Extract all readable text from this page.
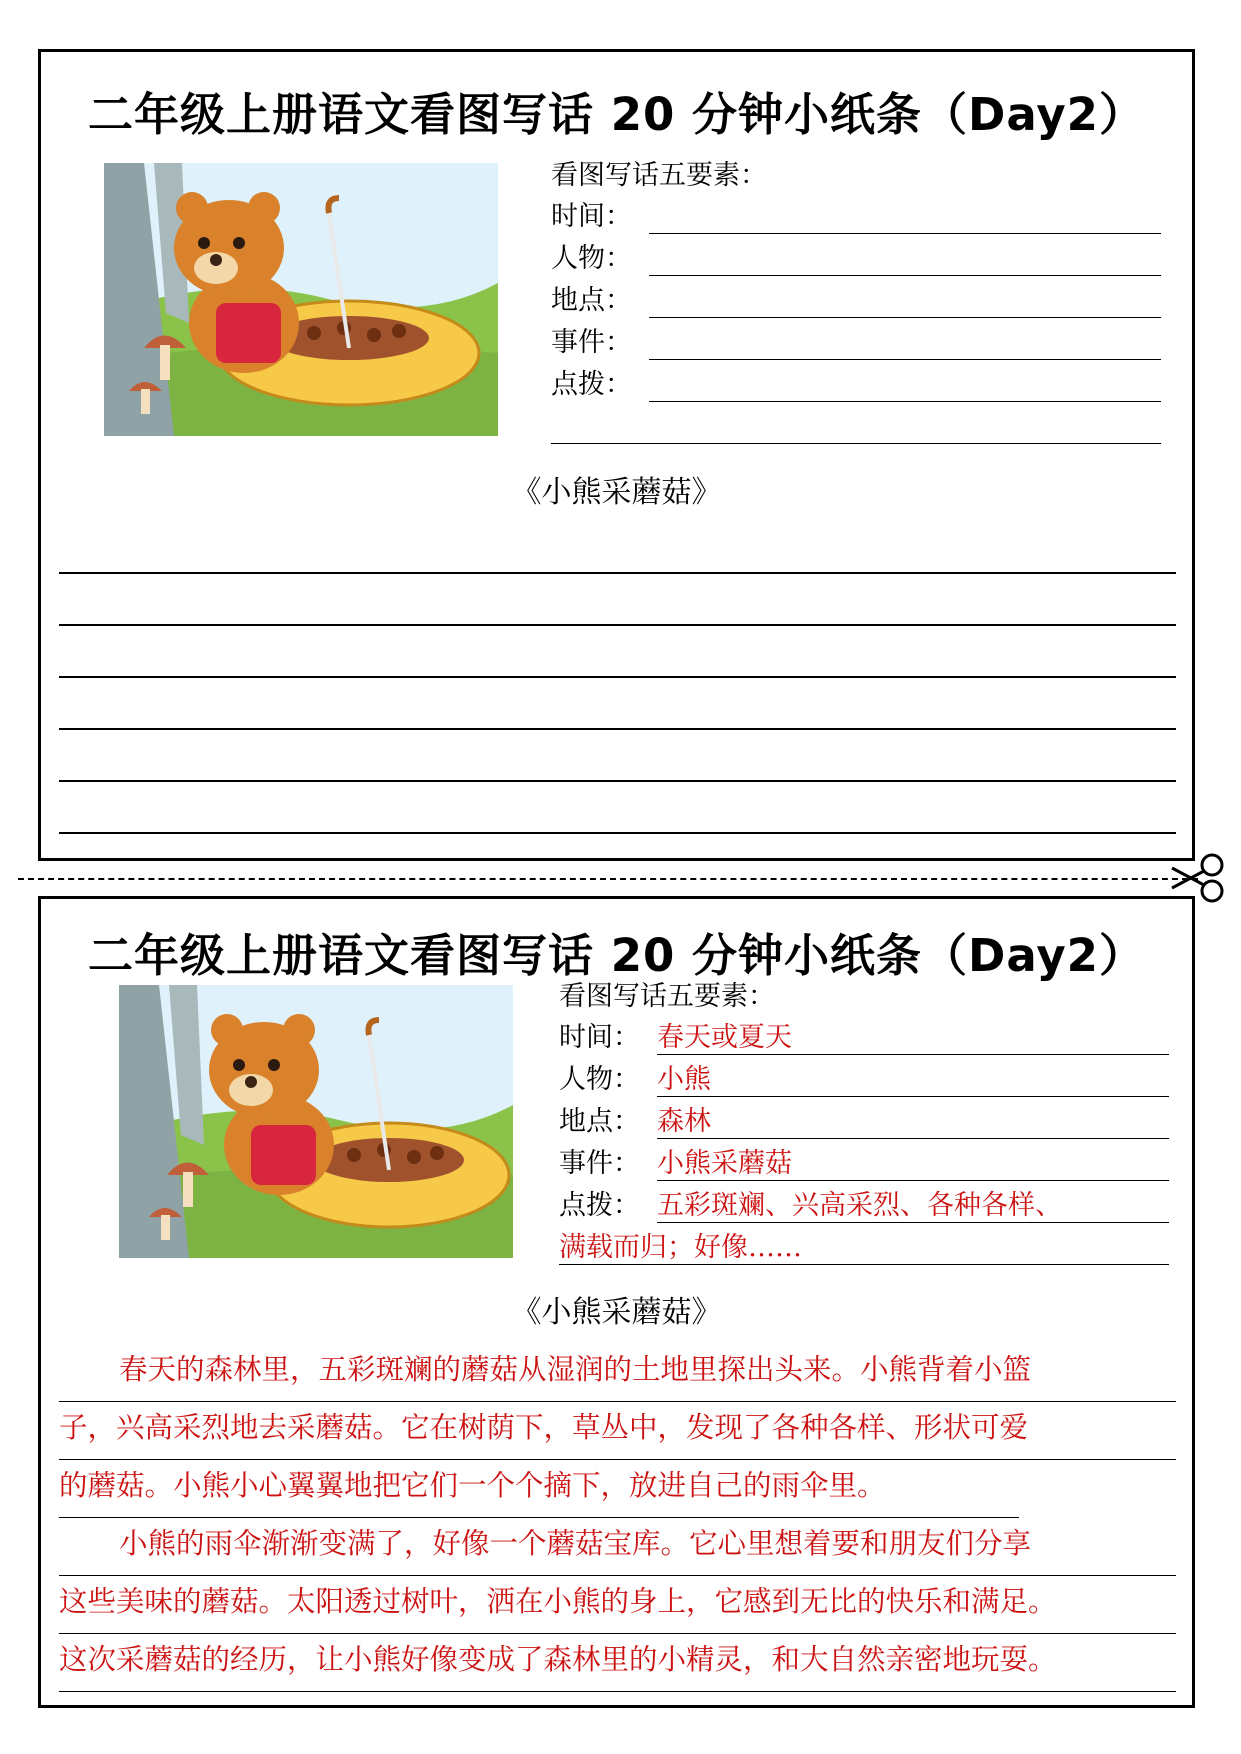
二年级上册语文看图写话 20 分钟小纸条（Day2）
看图写话五要素：
时间：
人物：
地点：
事件：
点拨：
《小熊采蘑菇》
二年级上册语文看图写话 20 分钟小纸条（Day2）
看图写话五要素：
时间： 春天或夏天
人物： 小熊
地点： 森林
事件： 小熊采蘑菇
点拨： 五彩斑斓、兴高采烈、各种各样、
满载而归；好像……
《小熊采蘑菇》
春天的森林里，五彩斑斓的蘑菇从湿润的土地里探出头来。小熊背着小篮
子，兴高采烈地去采蘑菇。它在树荫下，草丛中，发现了各种各样、形状可爱
的蘑菇。小熊小心翼翼地把它们一个个摘下，放进自己的雨伞里。
小熊的雨伞渐渐变满了，好像一个蘑菇宝库。它心里想着要和朋友们分享
这些美味的蘑菇。太阳透过树叶，洒在小熊的身上，它感到无比的快乐和满足。
这次采蘑菇的经历，让小熊好像变成了森林里的小精灵，和大自然亲密地玩耍。
